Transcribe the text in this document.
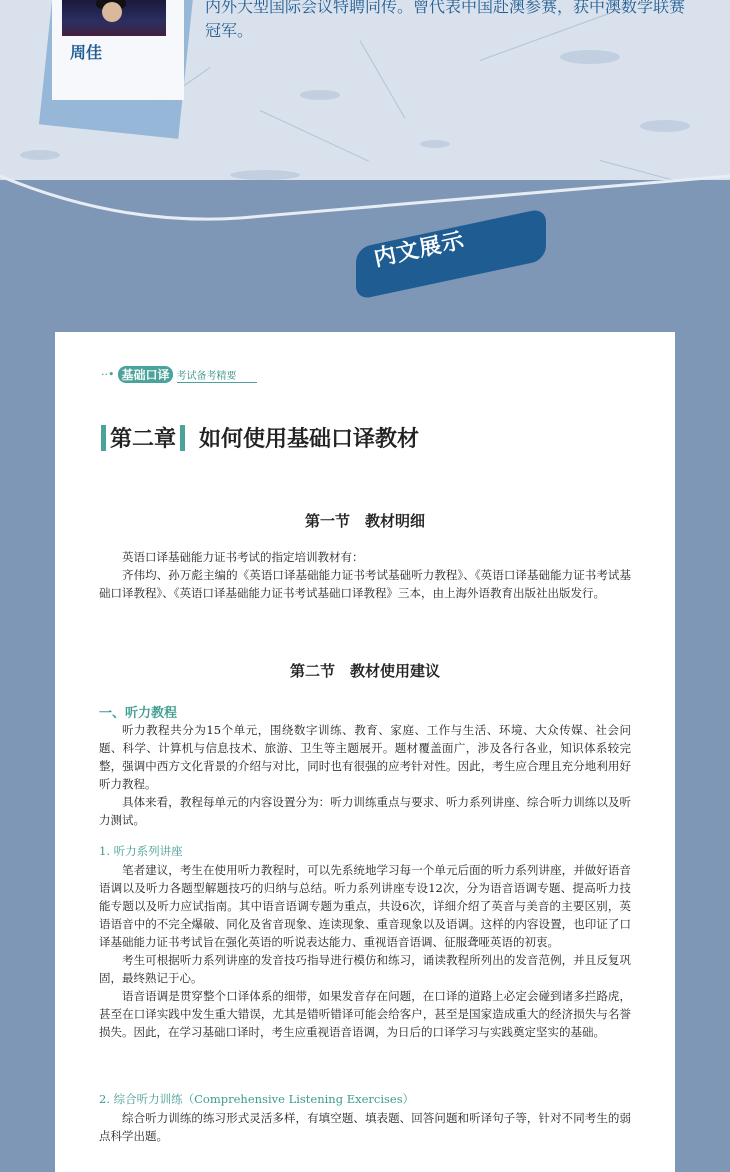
周佳
内外大型国际会议特聘同传。曾代表中国赴澳参赛，获中澳数学联赛冠军。
内文展示
··• 基础口译 考试备考精要
第二章 如何使用基础口译教材
第一节　教材明细

英语口译基础能力证书考试的指定培训教材有：

齐伟均、孙万彪主编的《英语口译基础能力证书考试基础听力教程》、《英语口译基础能力证书考试基础口译教程》、《英语口译基础能力证书考试基础口译教程》三本，由上海外语教育出版社出版发行。

第二节　教材使用建议
一、听力教程

听力教程共分为15个单元，围绕数字训练、教育、家庭、工作与生活、环境、大众传媒、社会问题、科学、计算机与信息技术、旅游、卫生等主题展开。题材覆盖面广，涉及各行各业，知识体系较完整，强调中西方文化背景的介绍与对比，同时也有很强的应考针对性。因此，考生应合理且充分地利用好听力教程。

具体来看，教程每单元的内容设置分为：听力训练重点与要求、听力系列讲座、综合听力训练以及听力测试。

1. 听力系列讲座

笔者建议，考生在使用听力教程时，可以先系统地学习每一个单元后面的听力系列讲座，并做好语音语调以及听力各题型解题技巧的归纳与总结。听力系列讲座专设12次，分为语音语调专题、提高听力技能专题以及听力应试指南。其中语音语调专题为重点，共设6次，详细介绍了英音与美音的主要区别，英语语音中的不完全爆破、同化及省音现象、连读现象、重音现象以及语调。这样的内容设置，也印证了口译基础能力证书考试旨在强化英语的听说表达能力、重视语音语调、征服聋哑英语的初衷。

考生可根据听力系列讲座的发音技巧指导进行模仿和练习，诵读教程所列出的发音范例，并且反复巩固，最终熟记于心。

语音语调是贯穿整个口译体系的细带，如果发音存在问题，在口译的道路上必定会碰到诸多拦路虎，甚至在口译实践中发生重大错误，尤其是错听错译可能会给客户，甚至是国家造成重大的经济损失与名誉损失。因此，在学习基础口译时，考生应重视语音语调，为日后的口译学习与实践奠定坚实的基础。

2. 综合听力训练（Comprehensive Listening Exercises）

综合听力训练的练习形式灵活多样，有填空题、填表题、回答问题和听译句子等，针对不同考生的弱点科学出题。
